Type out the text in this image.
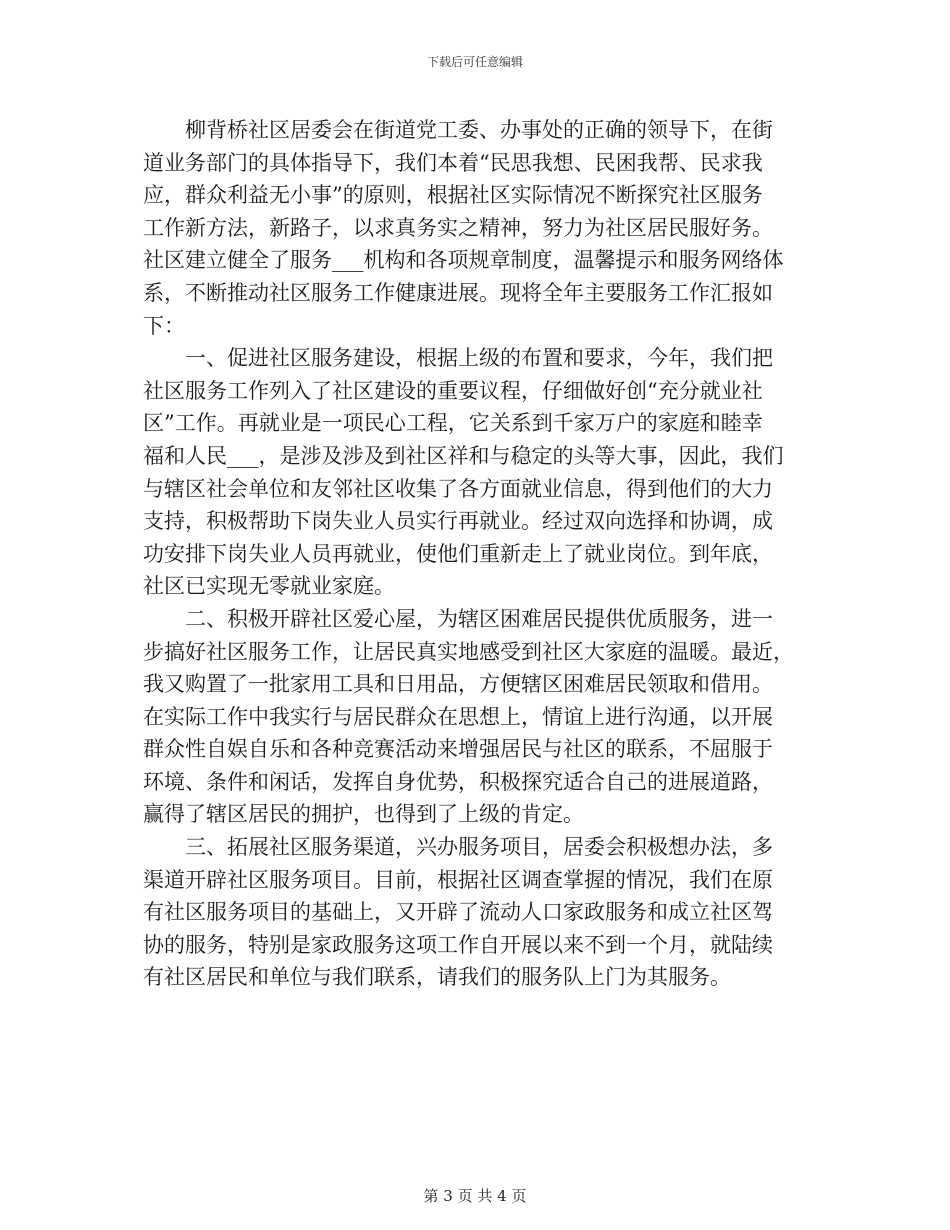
下载后可任意编辑

　　柳背桥社区居委会在街道党工委、办事处的正确的领导下，在街
道业务部门的具体指导下，我们本着“民思我想、民困我帮、民求我
应，群众利益无小事”的原则，根据社区实际情况不断探究社区服务
工作新方法，新路子，以求真务实之精神，努力为社区居民服好务。
社区建立健全了服务___机构和各项规章制度，温馨提示和服务网络体
系，不断推动社区服务工作健康进展。现将全年主要服务工作汇报如
下：

　　一、促进社区服务建设，根据上级的布置和要求，今年，我们把
社区服务工作列入了社区建设的重要议程，仔细做好创“充分就业社
区”工作。再就业是一项民心工程，它关系到千家万户的家庭和睦幸
福和人民___，是涉及涉及到社区祥和与稳定的头等大事，因此，我们
与辖区社会单位和友邻社区收集了各方面就业信息，得到他们的大力
支持，积极帮助下岗失业人员实行再就业。经过双向选择和协调，成
功安排下岗失业人员再就业，使他们重新走上了就业岗位。到年底，
社区已实现无零就业家庭。

　　二、积极开辟社区爱心屋，为辖区困难居民提供优质服务，进一
步搞好社区服务工作，让居民真实地感受到社区大家庭的温暖。最近，
我又购置了一批家用工具和日用品，方便辖区困难居民领取和借用。
在实际工作中我实行与居民群众在思想上，情谊上进行沟通，以开展
群众性自娱自乐和各种竞赛活动来增强居民与社区的联系，不屈服于
环境、条件和闲话，发挥自身优势，积极探究适合自己的进展道路，
赢得了辖区居民的拥护，也得到了上级的肯定。

　　三、拓展社区服务渠道，兴办服务项目，居委会积极想办法，多
渠道开辟社区服务项目。目前，根据社区调查掌握的情况，我们在原
有社区服务项目的基础上，又开辟了流动人口家政服务和成立社区驾
协的服务，特别是家政服务这项工作自开展以来不到一个月，就陆续
有社区居民和单位与我们联系，请我们的服务队上门为其服务。

第 3 页 共 4 页
